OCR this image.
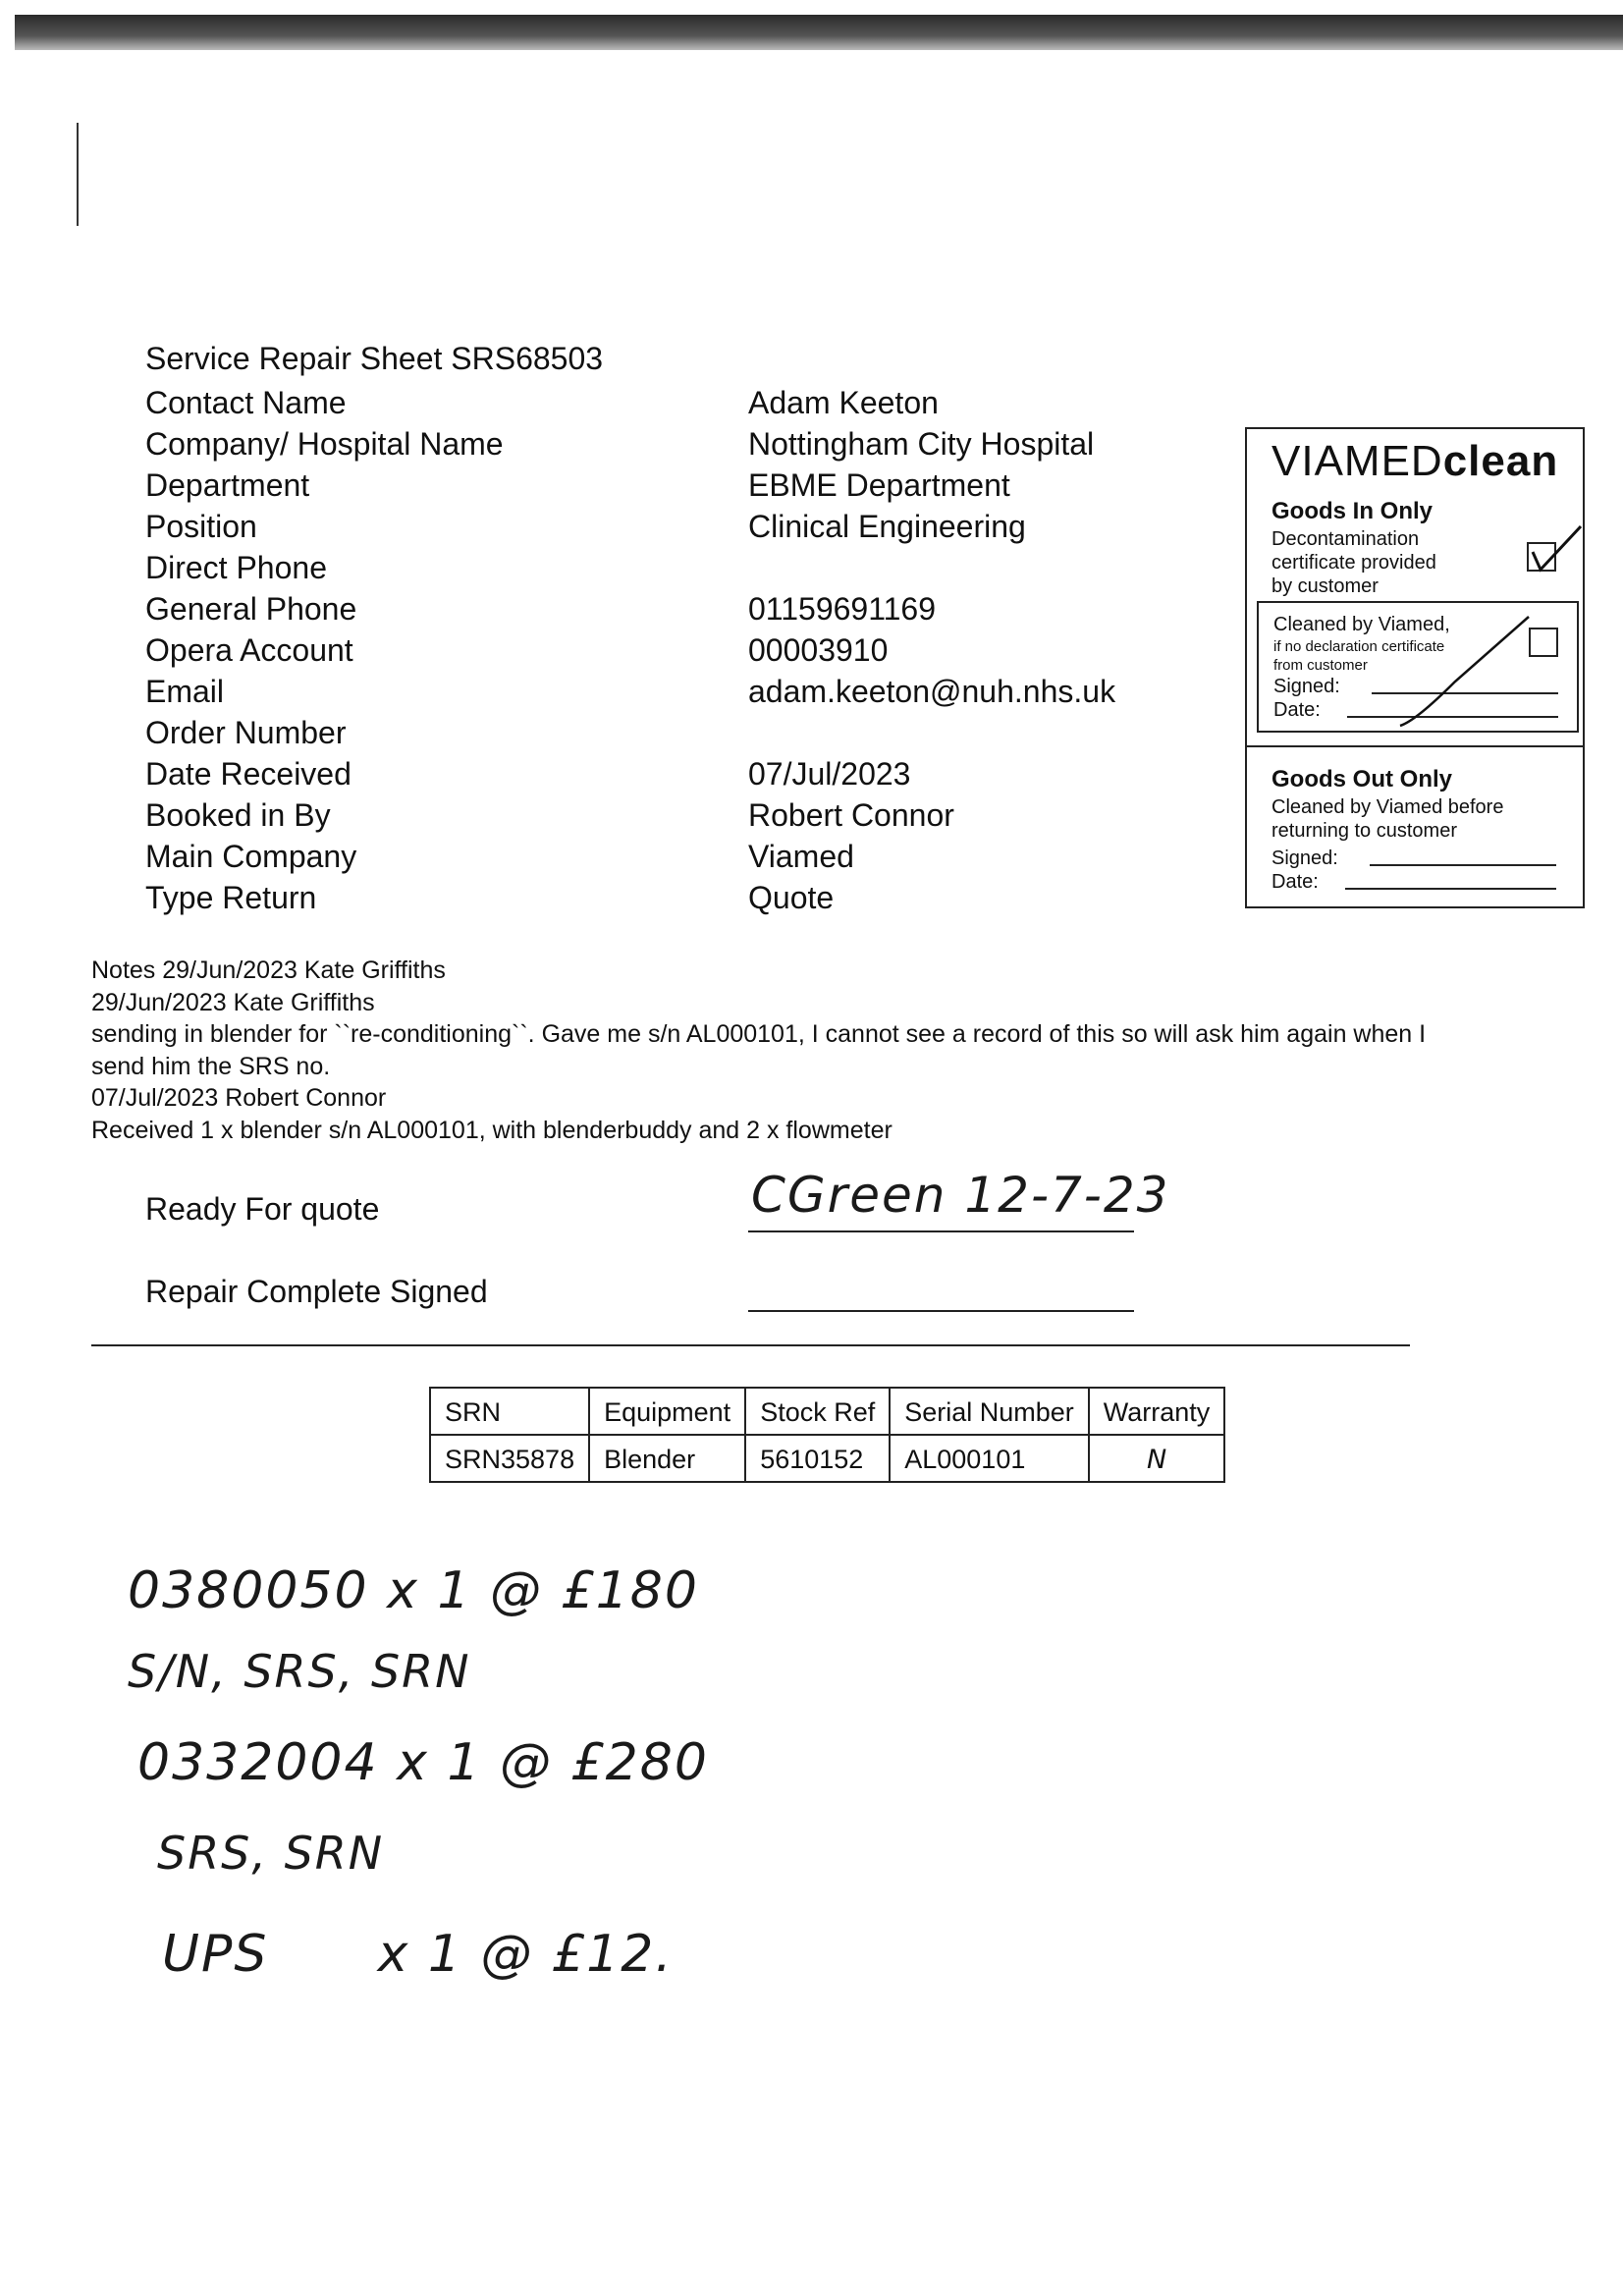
Service Repair Sheet SRS68503
Contact Name	Adam Keeton
Company/ Hospital Name	Nottingham City Hospital
Department	EBME Department
Position	Clinical Engineering
Direct Phone
General Phone	01159691169
Opera Account	00003910
Email	adam.keeton@nuh.nhs.uk
Order Number
Date Received	07/Jul/2023
Booked in By	Robert Connor
Main Company	Viamed
Type Return	Quote
VIAMEDclean
Goods In Only
Decontamination
certificate provided
by customer
Cleaned by Viamed,
if no declaration certificate
from customer
Signed:
Date:
Goods Out Only
Cleaned by Viamed before
returning to customer
Signed:
Date:
Notes 29/Jun/2023 Kate Griffiths
29/Jun/2023 Kate Griffiths
sending in blender for ``re-conditioning``. Gave me s/n AL000101, I cannot see a record of this so will ask him again when I
send him the SRS no.
07/Jul/2023 Robert Connor
Received 1 x blender s/n AL000101, with blenderbuddy and 2 x flowmeter
Ready For quote	CGreen 12-7-23
Repair Complete Signed
SRN	Equipment	Stock Ref	Serial Number	Warranty
SRN35878	Blender	5610152	AL000101	N
0380050 x 1 @ £180
S/N, SRS, SRN
0332004 x 1 @ £280
SRS, SRN
UPS      x 1 @ £12.
